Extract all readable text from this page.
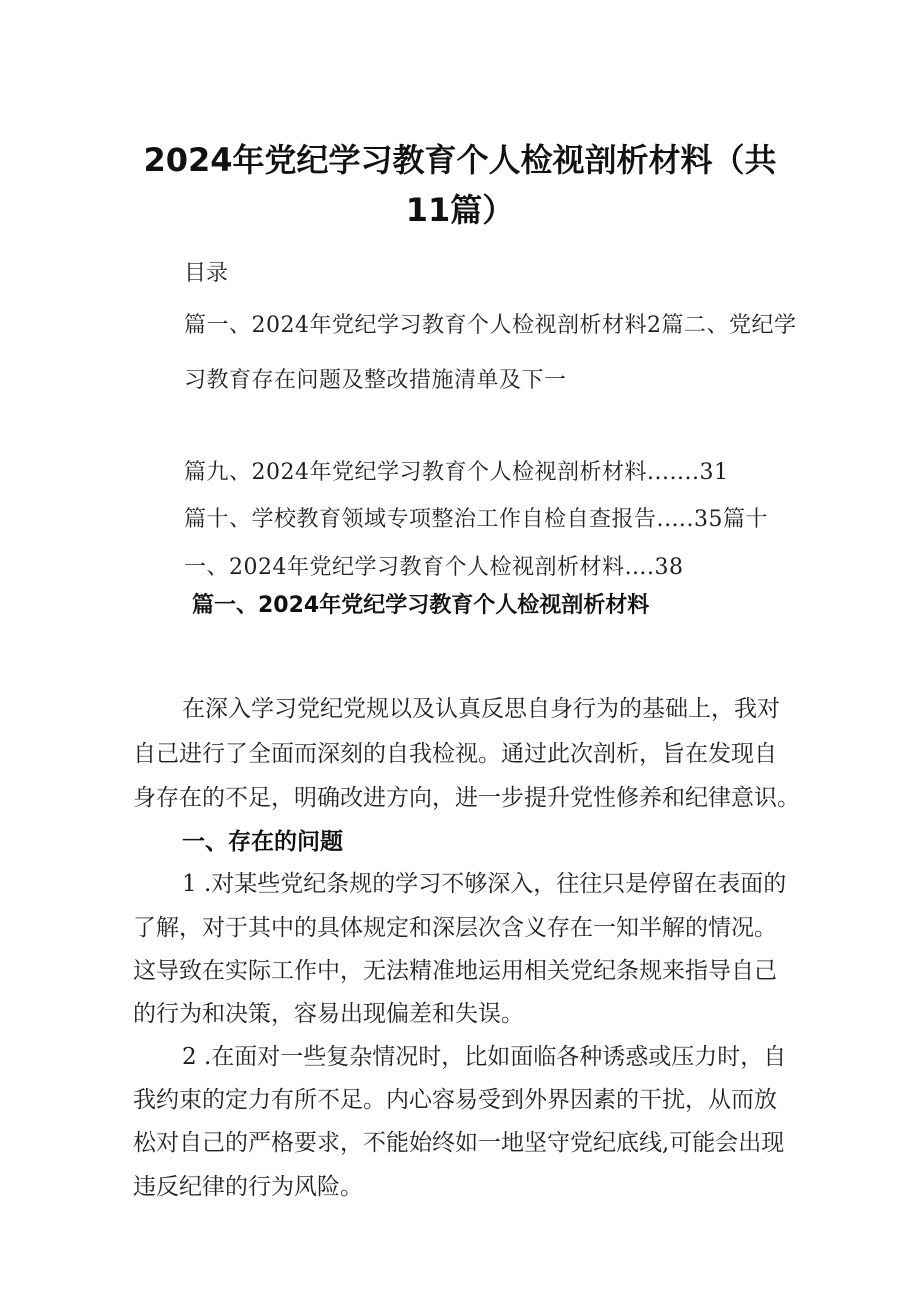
2024年党纪学习教育个人检视剖析材料（共
11篇）
目录
篇一、2024年党纪学习教育个人检视剖析材料2篇二、党纪学
习教育存在问题及整改措施清单及下一
篇九、2024年党纪学习教育个人检视剖析材料.......31
篇十、学校教育领域专项整治工作自检自查报告.….35篇十
一、2024年党纪学习教育个人检视剖析材料….38
篇一、2024年党纪学习教育个人检视剖析材料
在深入学习党纪党规以及认真反思自身行为的基础上，我对
自己进行了全面而深刻的自我检视。通过此次剖析，旨在发现自
身存在的不足，明确改进方向，进一步提升党性修养和纪律意识。
一、存在的问题
1 .对某些党纪条规的学习不够深入，往往只是停留在表面的
了解，对于其中的具体规定和深层次含义存在一知半解的情况。
这导致在实际工作中，无法精准地运用相关党纪条规来指导自己
的行为和决策，容易出现偏差和失误。
2 .在面对一些复杂情况时，比如面临各种诱惑或压力时，自
我约束的定力有所不足。内心容易受到外界因素的干扰，从而放
松对自己的严格要求，不能始终如一地坚守党纪底线,可能会出现
违反纪律的行为风险。
